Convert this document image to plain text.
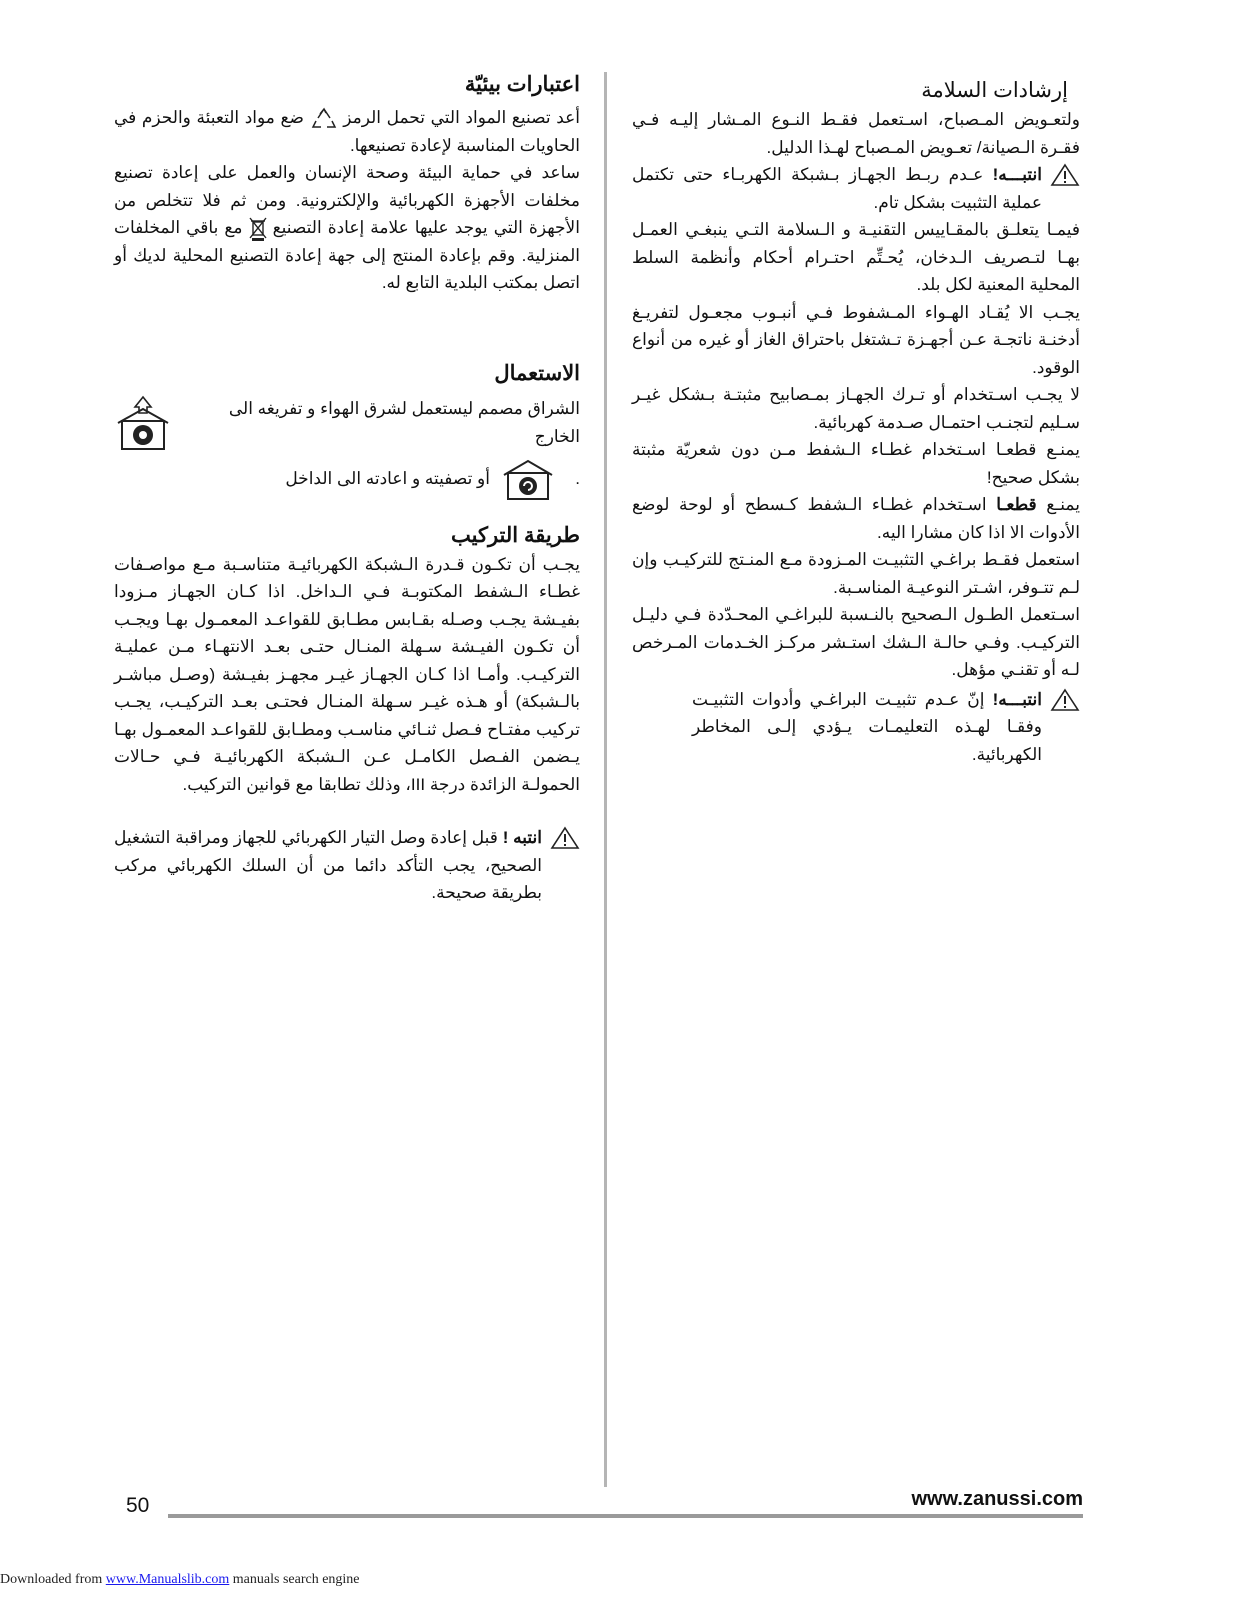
إرشادات السلامة

ولتعـويض المـصباح، اسـتعمل فقـط النـوع المـشار إليـه فـي فقـرة الـصيانة/ تعـويض المـصباح لهـذا الدليل.

انتبـــه! عـدم ربـط الجهـاز بـشبكة الكهربـاء حتى تكتمل عملية التثبيت بشكل تام.

فيمـا يتعلـق بالمقـاييس التقنيـة و الـسلامة التـي ينبغـي العمـل بهـا لتـصريف الـدخان، يُحـتِّم احتـرام أحكام وأنظمة السلط المحلية المعنية لكل بلد.

يجـب الا يُقـاد الهـواء المـشفوط فـي أنبـوب مجعـول لتفريـغ أدخنـة ناتجـة عـن أجهـزة تـشتغل باحتراق الغاز أو غيره من أنواع الوقود.

لا يجـب اسـتخدام أو تـرك الجهـاز بمـصابيح مثبتـة بـشكل غيـر سـليم لتجنـب احتمـال صـدمة كهربائية.

يمنـع قطعـا اسـتخدام غطـاء الـشفط مـن دون شعريّة مثبتة بشكل صحيح!

يمنـع قطعـا اسـتخدام غطـاء الـشفط كـسطح أو لوحة لوضع الأدوات الا اذا كان مشارا اليه.

استعمل فقـط براغـي التثبيـت المـزودة مـع المنـتج للتركيـب وإن لـم تتـوفر، اشـتر النوعيـة المناسـبة.

اسـتعمل الطـول الـصحيح بالنـسبة للبراغـي المحـدّدة فـي دليـل التركيـب. وفـي حالـة الـشك استـشر مركـز الخـدمات المـرخص لـه أو تقنـي مؤهل.

انتبـــه! إنّ عـدم تثبيـت البراغـي وأدوات التثبيـت وفقـا لهـذه التعليمـات يـؤدي إلـى المخاطر الكهربائية.
اعتبارات بيئيّة

أعد تصنيع المواد التي تحمل الرمز  ضع مواد التعبئة والحزم في الحاويات المناسبة لإعادة تصنيعها.

ساعد في حماية البيئة وصحة الإنسان والعمل على إعادة تصنيع مخلفات الأجهزة الكهربائية والإلكترونية. ومن ثم فلا تتخلص من الأجهزة التي يوجد عليها علامة إعادة التصنيع  مع باقي المخلفات المنزلية. وقم بإعادة المنتج إلى جهة إعادة التصنيع المحلية لديك أو اتصل بمكتب البلدية التابع له.

الاستعمال
الشراق مصمم ليستعمل لشرق الهواء و تفريغه الى الخارج
.
أو تصفيته و اعادته الى الداخل
طريقة التركيب

يجـب أن تكـون قـدرة الـشبكة الكهربائيـة متناسـبة مـع مواصـفات غطـاء الـشفط المكتوبـة فـي الـداخل. اذا كـان الجهـاز مـزودا بفيـشة يجـب وصـله بقـابس مطـابق للقواعـد المعمـول بهـا ويجـب أن تكـون الفيـشة سـهلة المنـال حتـى بعـد الانتهـاء مـن عمليـة التركيـب. وأمـا اذا كـان الجهـاز غيـر مجهـز بفيـشة (وصـل مباشـر بالـشبكة) أو هـذه غيـر سـهلة المنـال فحتـى بعـد التركيـب، يجـب تركيب مفتـاح فـصل ثنـائي مناسـب ومطـابق للقواعـد المعمـول بهـا يـضمن الفـصل الكامـل عـن الـشبكة الكهربائيـة فـي حـالات الحمولـة الزائدة درجة III، وذلك تطابقا مع قوانين التركيب.

انتبه ! قبل إعادة وصل التيار الكهربائي للجهاز ومراقبة التشغيل الصحيح، يجب التأكد دائما من أن السلك الكهربائي مركب بطريقة صحيحة.
50	www.zanussi.com
Downloaded from www.Manualslib.com manuals search engine
